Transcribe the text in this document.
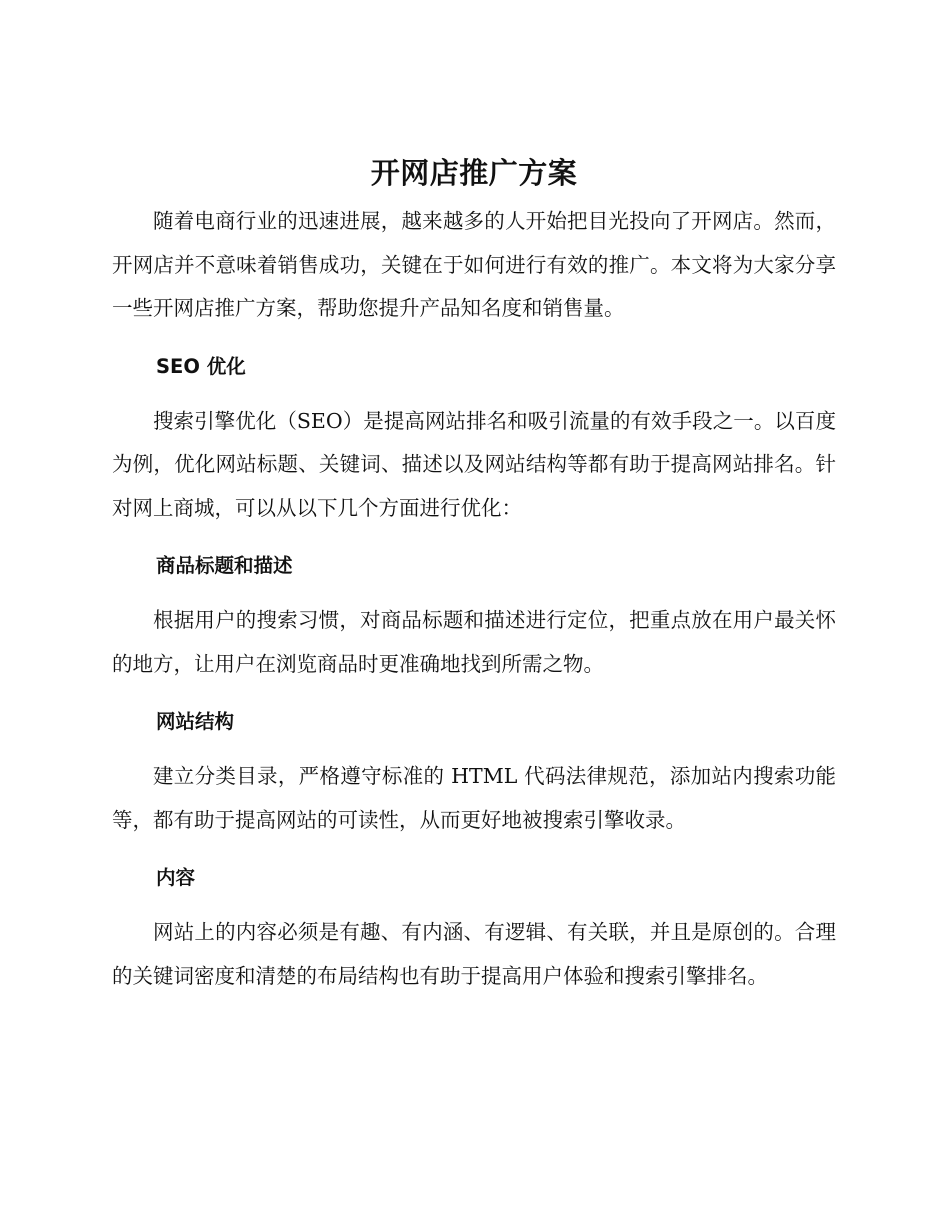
开网店推广方案

随着电商行业的迅速进展，越来越多的人开始把目光投向了开网店。然而，开网店并不意味着销售成功，关键在于如何进行有效的推广。本文将为大家分享一些开网店推广方案，帮助您提升产品知名度和销售量。

SEO 优化

搜索引擎优化（SEO）是提高网站排名和吸引流量的有效手段之一。以百度为例，优化网站标题、关键词、描述以及网站结构等都有助于提高网站排名。针对网上商城，可以从以下几个方面进行优化：

商品标题和描述

根据用户的搜索习惯，对商品标题和描述进行定位，把重点放在用户最关怀的地方，让用户在浏览商品时更准确地找到所需之物。

网站结构

建立分类目录，严格遵守标准的 HTML 代码法律规范，添加站内搜索功能等，都有助于提高网站的可读性，从而更好地被搜索引擎收录。

内容

网站上的内容必须是有趣、有内涵、有逻辑、有关联，并且是原创的。合理的关键词密度和清楚的布局结构也有助于提高用户体验和搜索引擎排名。
